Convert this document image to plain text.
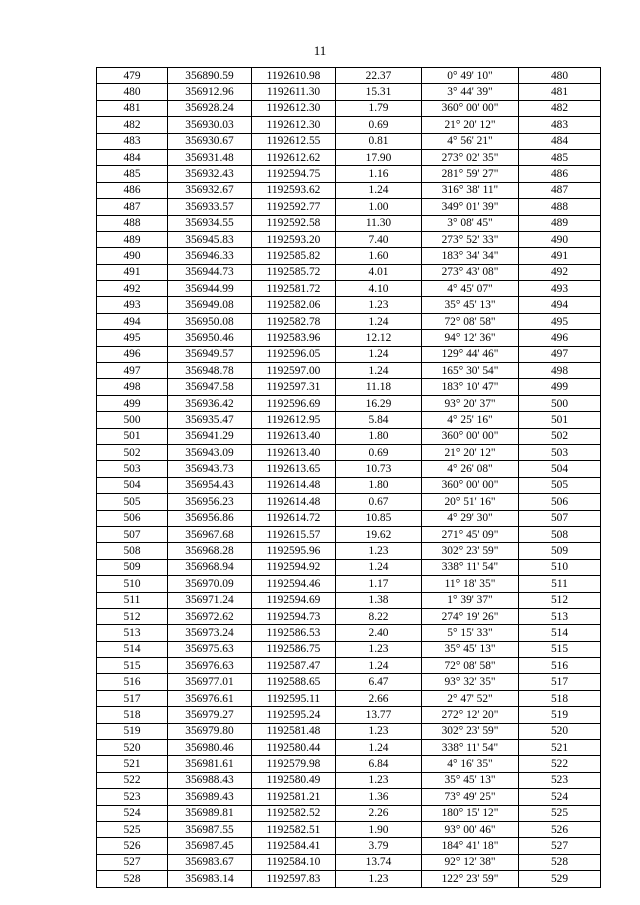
11
479	356890.59	1192610.98	22.37	0° 49' 10"	480
480	356912.96	1192611.30	15.31	3° 44' 39"	481
481	356928.24	1192612.30	1.79	360° 00' 00"	482
482	356930.03	1192612.30	0.69	21° 20' 12"	483
483	356930.67	1192612.55	0.81	4° 56' 21"	484
484	356931.48	1192612.62	17.90	273° 02' 35"	485
485	356932.43	1192594.75	1.16	281° 59' 27"	486
486	356932.67	1192593.62	1.24	316° 38' 11"	487
487	356933.57	1192592.77	1.00	349° 01' 39"	488
488	356934.55	1192592.58	11.30	3° 08' 45"	489
489	356945.83	1192593.20	7.40	273° 52' 33"	490
490	356946.33	1192585.82	1.60	183° 34' 34"	491
491	356944.73	1192585.72	4.01	273° 43' 08"	492
492	356944.99	1192581.72	4.10	4° 45' 07"	493
493	356949.08	1192582.06	1.23	35° 45' 13"	494
494	356950.08	1192582.78	1.24	72° 08' 58"	495
495	356950.46	1192583.96	12.12	94° 12' 36"	496
496	356949.57	1192596.05	1.24	129° 44' 46"	497
497	356948.78	1192597.00	1.24	165° 30' 54"	498
498	356947.58	1192597.31	11.18	183° 10' 47"	499
499	356936.42	1192596.69	16.29	93° 20' 37"	500
500	356935.47	1192612.95	5.84	4° 25' 16"	501
501	356941.29	1192613.40	1.80	360° 00' 00"	502
502	356943.09	1192613.40	0.69	21° 20' 12"	503
503	356943.73	1192613.65	10.73	4° 26' 08"	504
504	356954.43	1192614.48	1.80	360° 00' 00"	505
505	356956.23	1192614.48	0.67	20° 51' 16"	506
506	356956.86	1192614.72	10.85	4° 29' 30"	507
507	356967.68	1192615.57	19.62	271° 45' 09"	508
508	356968.28	1192595.96	1.23	302° 23' 59"	509
509	356968.94	1192594.92	1.24	338° 11' 54"	510
510	356970.09	1192594.46	1.17	11° 18' 35"	511
511	356971.24	1192594.69	1.38	1° 39' 37"	512
512	356972.62	1192594.73	8.22	274° 19' 26"	513
513	356973.24	1192586.53	2.40	5° 15' 33"	514
514	356975.63	1192586.75	1.23	35° 45' 13"	515
515	356976.63	1192587.47	1.24	72° 08' 58"	516
516	356977.01	1192588.65	6.47	93° 32' 35"	517
517	356976.61	1192595.11	2.66	2° 47' 52"	518
518	356979.27	1192595.24	13.77	272° 12' 20"	519
519	356979.80	1192581.48	1.23	302° 23' 59"	520
520	356980.46	1192580.44	1.24	338° 11' 54"	521
521	356981.61	1192579.98	6.84	4° 16' 35"	522
522	356988.43	1192580.49	1.23	35° 45' 13"	523
523	356989.43	1192581.21	1.36	73° 49' 25"	524
524	356989.81	1192582.52	2.26	180° 15' 12"	525
525	356987.55	1192582.51	1.90	93° 00' 46"	526
526	356987.45	1192584.41	3.79	184° 41' 18"	527
527	356983.67	1192584.10	13.74	92° 12' 38"	528
528	356983.14	1192597.83	1.23	122° 23' 59"	529
